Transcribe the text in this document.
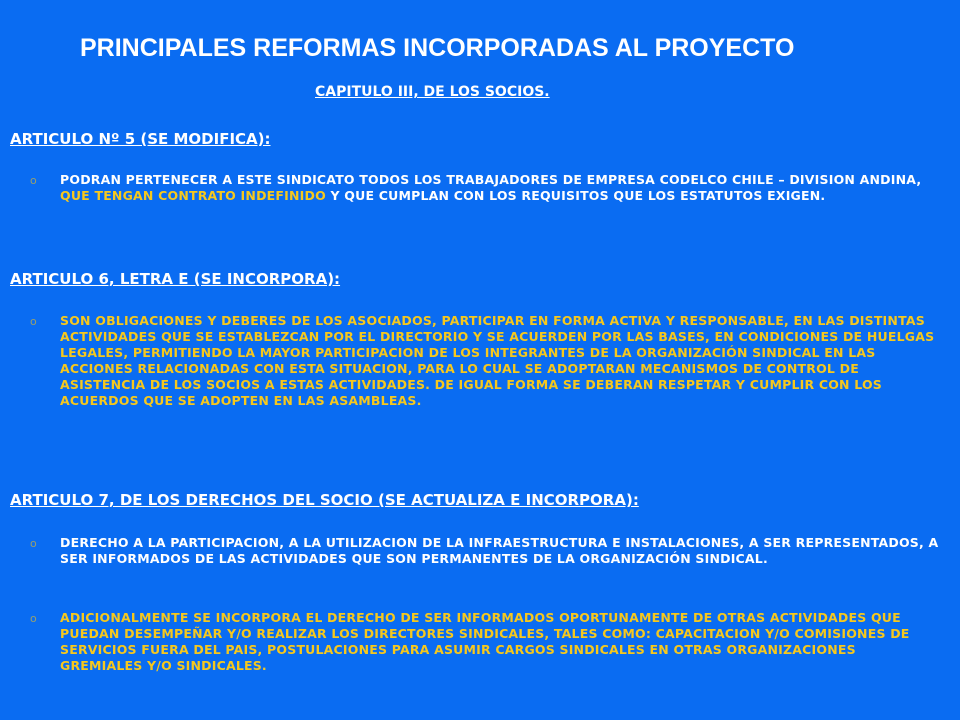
PRINCIPALES REFORMAS INCORPORADAS AL PROYECTO
CAPITULO III, DE LOS SOCIOS.
ARTICULO Nº 5 (SE MODIFICA):
o	PODRAN PERTENECER A ESTE SINDICATO TODOS LOS TRABAJADORES DE EMPRESA CODELCO CHILE – DIVISION ANDINA, QUE TENGAN CONTRATO INDEFINIDO Y QUE CUMPLAN CON LOS REQUISITOS QUE LOS ESTATUTOS EXIGEN.
ARTICULO 6, LETRA E (SE INCORPORA):
o	SON OBLIGACIONES Y DEBERES DE LOS ASOCIADOS, PARTICIPAR EN FORMA ACTIVA Y RESPONSABLE, EN LAS DISTINTAS ACTIVIDADES QUE SE ESTABLEZCAN POR EL DIRECTORIO Y SE ACUERDEN POR LAS BASES, EN CONDICIONES DE HUELGAS LEGALES, PERMITIENDO LA MAYOR PARTICIPACION DE LOS INTEGRANTES DE LA ORGANIZACIÓN SINDICAL EN LAS ACCIONES RELACIONADAS CON ESTA SITUACION, PARA LO CUAL SE ADOPTARAN MECANISMOS DE CONTROL DE ASISTENCIA DE LOS SOCIOS A ESTAS ACTIVIDADES. DE IGUAL FORMA SE DEBERAN RESPETAR Y CUMPLIR CON LOS ACUERDOS QUE SE ADOPTEN EN LAS ASAMBLEAS.
ARTICULO 7, DE LOS DERECHOS DEL SOCIO (SE ACTUALIZA E INCORPORA):
o	DERECHO A LA PARTICIPACION, A LA UTILIZACION DE LA INFRAESTRUCTURA E INSTALACIONES, A SER REPRESENTADOS, A SER INFORMADOS DE LAS ACTIVIDADES QUE SON PERMANENTES DE LA ORGANIZACIÓN SINDICAL.
o	ADICIONALMENTE SE INCORPORA EL DERECHO DE SER INFORMADOS OPORTUNAMENTE DE OTRAS ACTIVIDADES QUE PUEDAN DESEMPEÑAR Y/O REALIZAR LOS DIRECTORES SINDICALES, TALES COMO: CAPACITACION Y/O COMISIONES DE SERVICIOS FUERA DEL PAIS, POSTULACIONES PARA ASUMIR CARGOS SINDICALES EN OTRAS ORGANIZACIONES GREMIALES Y/O SINDICALES.
